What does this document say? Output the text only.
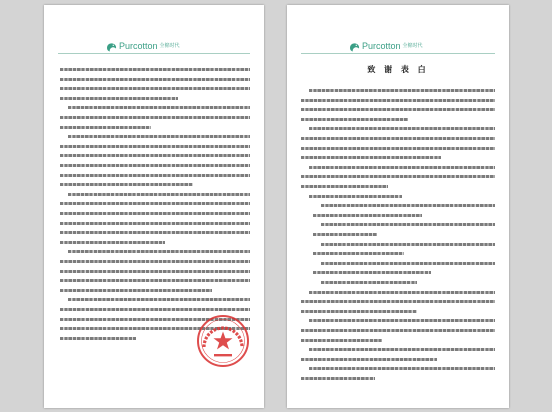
Purcotton 全棉时代	Purcotton 全棉时代
致 谢 表 白
